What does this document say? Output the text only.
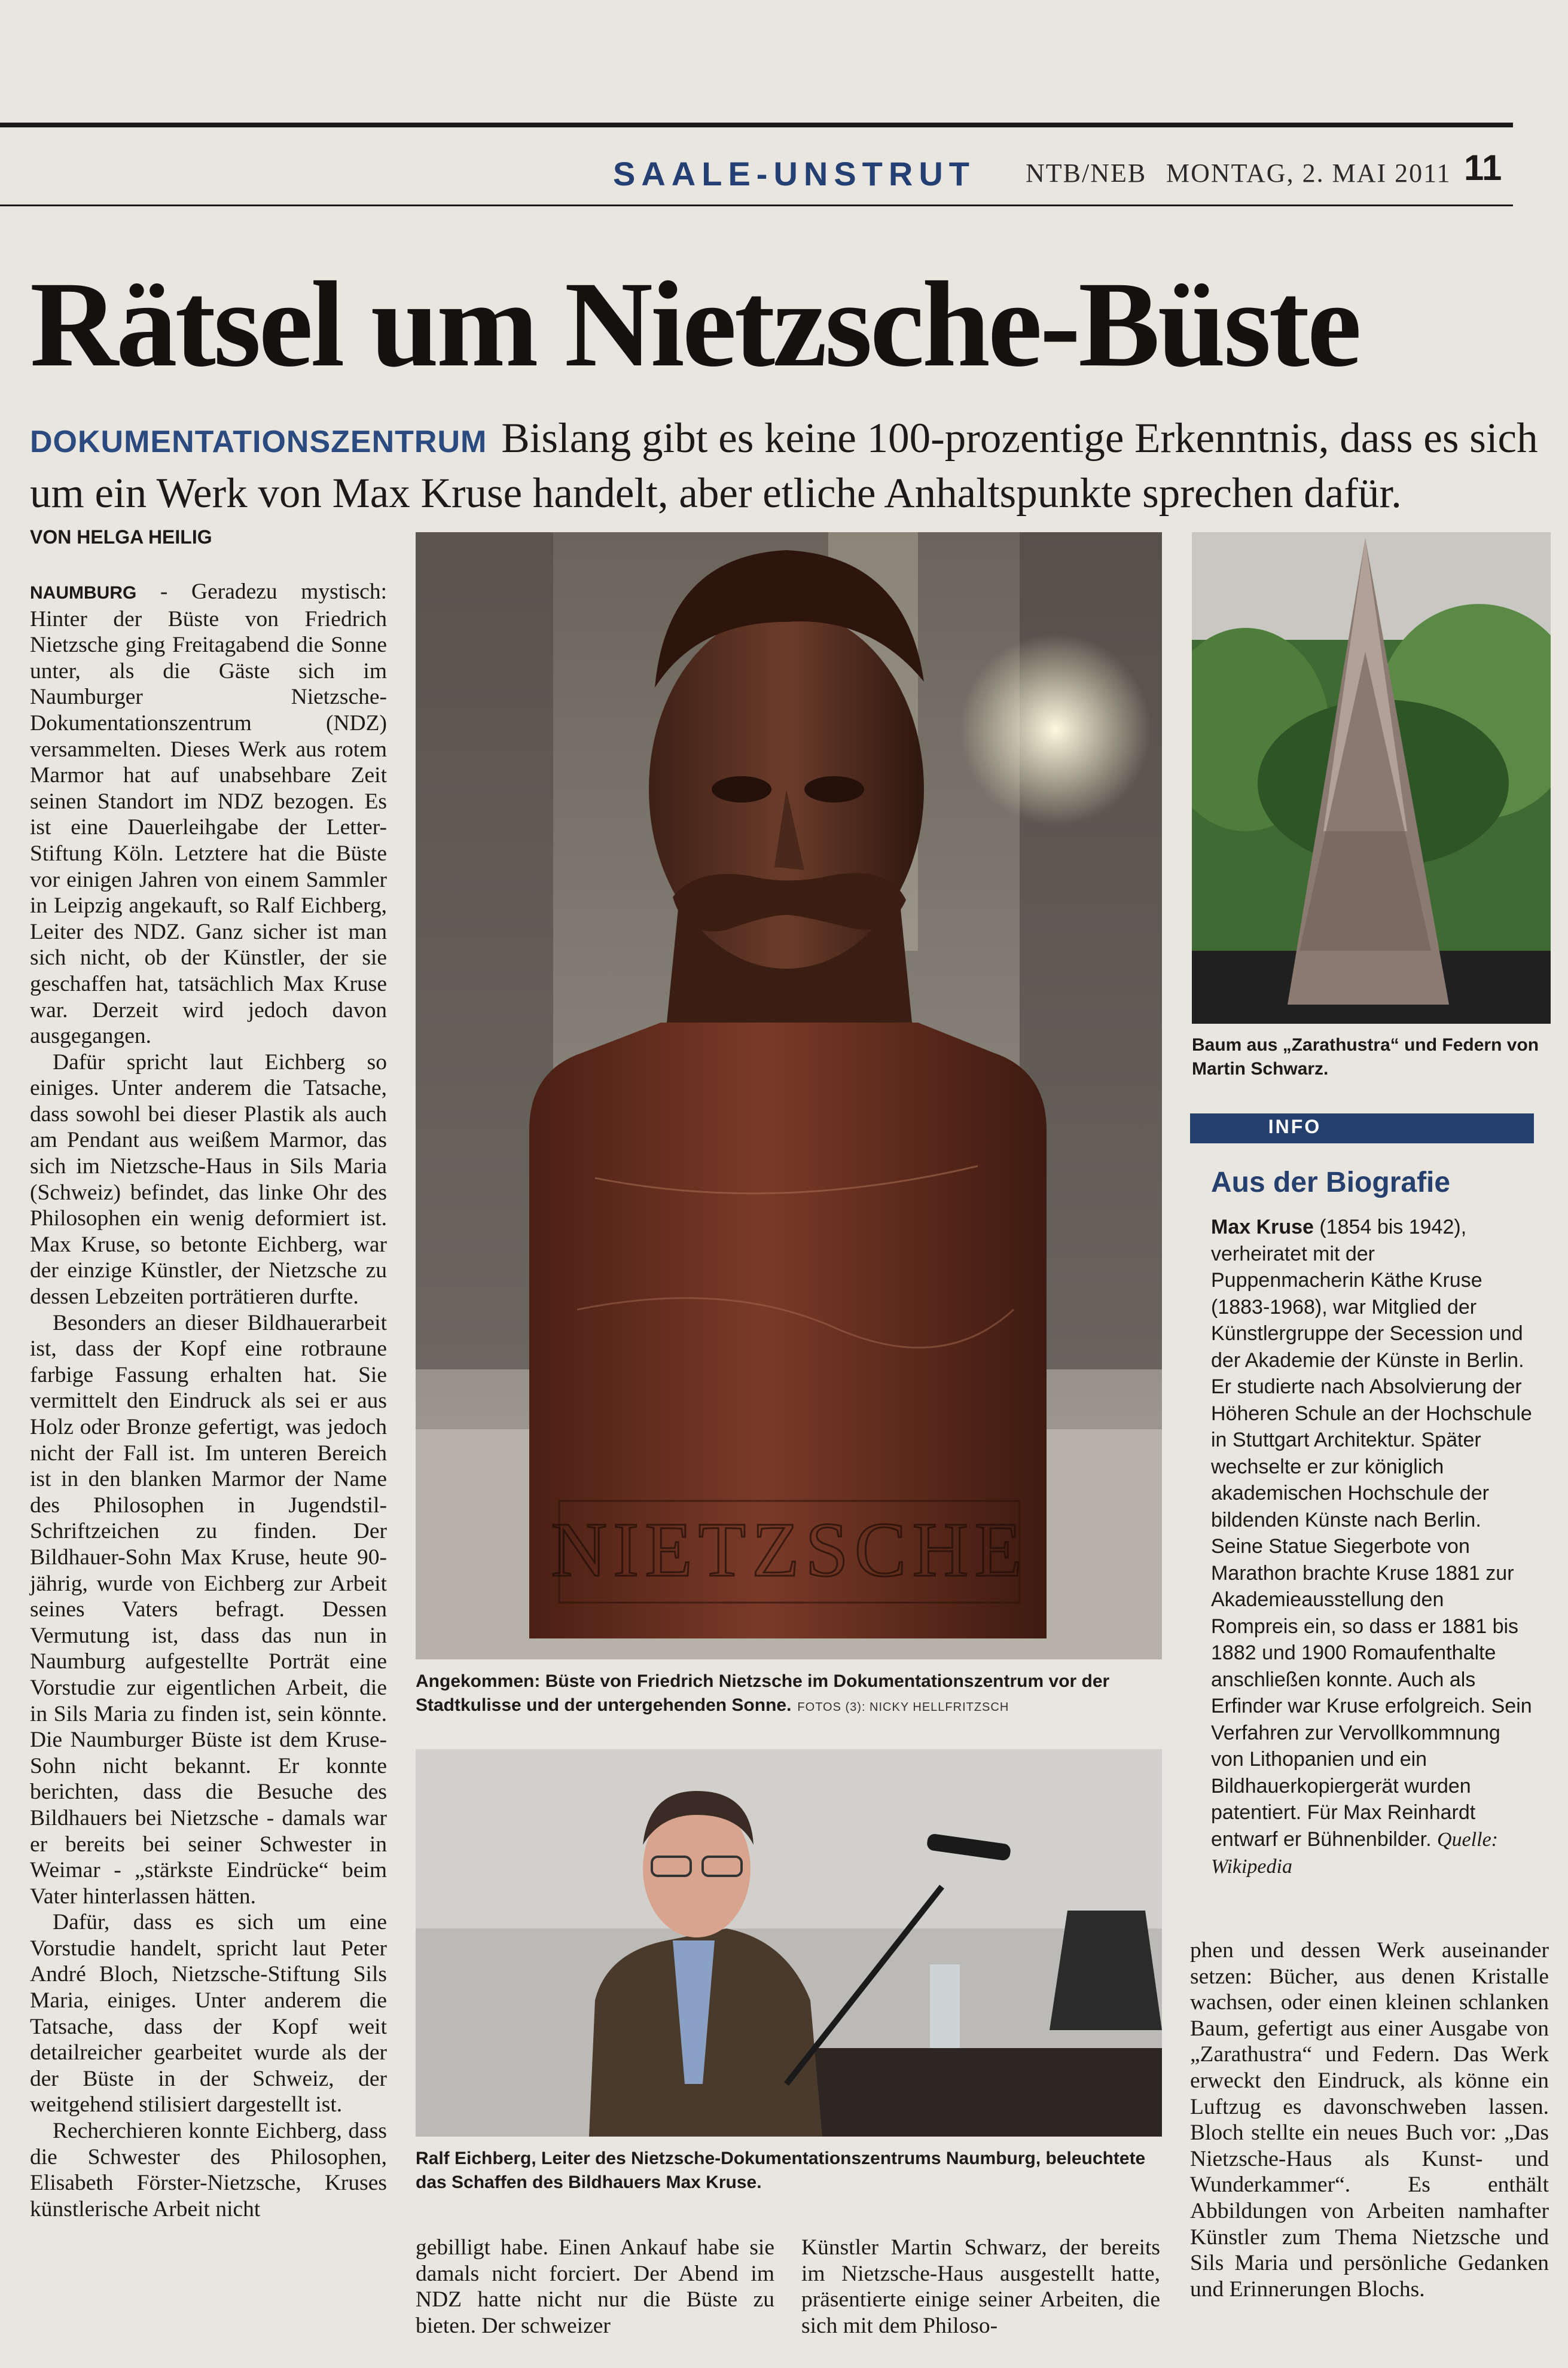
SAALE-UNSTRUT NTB/NEB MONTAG, 2. MAI 2011 11
Rätsel um Nietzsche-Büste
DOKUMENTATIONSZENTRUM Bislang gibt es keine 100-prozentige Erkenntnis, dass es sich um ein Werk von Max Kruse handelt, aber etliche Anhaltspunkte sprechen dafür.
VON HELGA HEILIG

NAUMBURG - Geradezu mystisch: Hinter der Büste von Friedrich Nietzsche ging Freitagabend die Sonne unter, als die Gäste sich im Naumburger Nietzsche-Dokumentationszentrum (NDZ) versammelten. Dieses Werk aus rotem Marmor hat auf unabsehbare Zeit seinen Standort im NDZ bezogen. Es ist eine Dauerleihgabe der Letter-Stiftung Köln. Letztere hat die Büste vor einigen Jahren von einem Sammler in Leipzig angekauft, so Ralf Eichberg, Leiter des NDZ. Ganz sicher ist man sich nicht, ob der Künstler, der sie geschaffen hat, tatsächlich Max Kruse war. Derzeit wird jedoch davon ausgegangen.

Dafür spricht laut Eichberg so einiges. Unter anderem die Tatsache, dass sowohl bei dieser Plastik als auch am Pendant aus weißem Marmor, das sich im Nietzsche-Haus in Sils Maria (Schweiz) befindet, das linke Ohr des Philosophen ein wenig deformiert ist. Max Kruse, so betonte Eichberg, war der einzige Künstler, der Nietzsche zu dessen Lebzeiten porträtieren durfte.

Besonders an dieser Bildhauerarbeit ist, dass der Kopf eine rotbraune farbige Fassung erhalten hat. Sie vermittelt den Eindruck als sei er aus Holz oder Bronze gefertigt, was jedoch nicht der Fall ist. Im unteren Bereich ist in den blanken Marmor der Name des Philosophen in Jugendstil-Schriftzeichen zu finden. Der Bildhauer-Sohn Max Kruse, heute 90-jährig, wurde von Eichberg zur Arbeit seines Vaters befragt. Dessen Vermutung ist, dass das nun in Naumburg aufgestellte Porträt eine Vorstudie zur eigentlichen Arbeit, die in Sils Maria zu finden ist, sein könnte. Die Naumburger Büste ist dem Kruse-Sohn nicht bekannt. Er konnte berichten, dass die Besuche des Bildhauers bei Nietzsche - damals war er bereits bei seiner Schwester in Weimar - „stärkste Eindrücke“ beim Vater hinterlassen hätten.

Dafür, dass es sich um eine Vorstudie handelt, spricht laut Peter André Bloch, Nietzsche-Stiftung Sils Maria, einiges. Unter anderem die Tatsache, dass der Kopf weit detailreicher gearbeitet wurde als der der Büste in der Schweiz, der weitgehend stilisiert dargestellt ist.

Recherchieren konnte Eichberg, dass die Schwester des Philosophen, Elisabeth Förster-Nietzsche, Kruses künstlerische Arbeit nicht

NIETZSCHE
Angekommen: Büste von Friedrich Nietzsche im Dokumentationszentrum vor der Stadtkulisse und der untergehenden Sonne. FOTOS (3): NICKY HELLFRITZSCH
Baum aus „Zarathustra“ und Federn von Martin Schwarz.
INFO
Aus der Biografie
Max Kruse (1854 bis 1942), verheiratet mit der Puppenmacherin Käthe Kruse (1883-1968), war Mitglied der Künstlergruppe der Secession und der Akademie der Künste in Berlin. Er studierte nach Absolvierung der Höheren Schule an der Hochschule in Stuttgart Architektur. Später wechselte er zur königlich akademischen Hochschule der bildenden Künste nach Berlin. Seine Statue Siegerbote von Marathon brachte Kruse 1881 zur Akademieausstellung den Rompreis ein, so dass er 1881 bis 1882 und 1900 Romaufenthalte anschließen konnte. Auch als Erfinder war Kruse erfolgreich. Sein Verfahren zur Vervollkommnung von Lithopanien und ein Bildhauerkopiergerät wurden patentiert. Für Max Reinhardt entwarf er Bühnenbilder. Quelle: Wikipedia
Ralf Eichberg, Leiter des Nietzsche-Dokumentationszentrums Naumburg, beleuchtete das Schaffen des Bildhauers Max Kruse.

gebilligt habe. Einen Ankauf habe sie damals nicht forciert. Der Abend im NDZ hatte nicht nur die Büste zu bieten. Der schweizer

Künstler Martin Schwarz, der bereits im Nietzsche-Haus ausgestellt hatte, präsentierte einige seiner Arbeiten, die sich mit dem Philoso-

phen und dessen Werk auseinander setzen: Bücher, aus denen Kristalle wachsen, oder einen kleinen schlanken Baum, gefertigt aus einer Ausgabe von „Zarathustra“ und Federn. Das Werk erweckt den Eindruck, als könne ein Luftzug es davonschweben lassen. Bloch stellte ein neues Buch vor: „Das Nietzsche-Haus als Kunst- und Wunderkammer“. Es enthält Abbildungen von Arbeiten namhafter Künstler zum Thema Nietzsche und Sils Maria und persönliche Gedanken und Erinnerungen Blochs.
